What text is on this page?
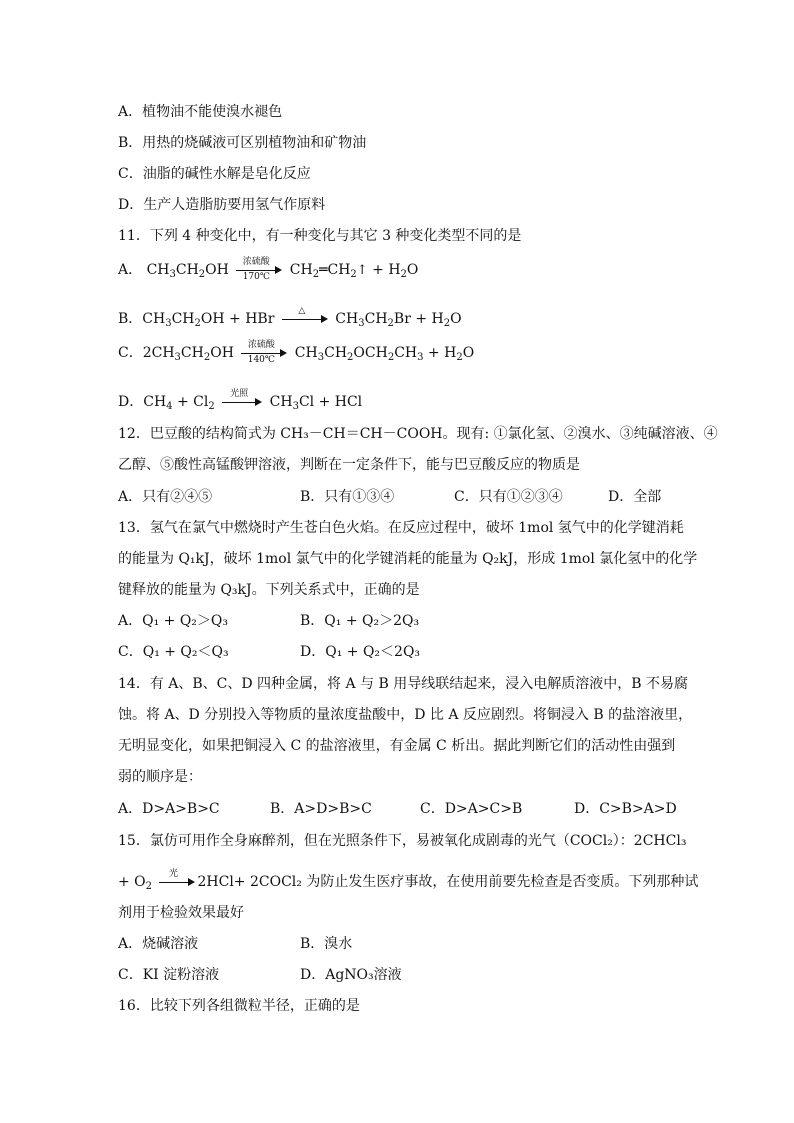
A．植物油不能使溴水褪色
B．用热的烧碱液可区别植物油和矿物油
C．油脂的碱性水解是皂化反应
D．生产人造脂肪要用氢气作原料
11．下列 4 种变化中，有一种变化与其它 3 种变化类型不同的是
A． $CH_3CH_2OH$	浓硫酸
170℃	$CH_2═CH_2↑ + H_2O$
B．$CH_3CH_2OH$ + HBr	△	$CH_3CH_2Br + H_2O$
C．$2CH_3CH_2OH$	浓硫酸
140℃	$CH_3CH_2OCH_2CH_3 + H_2O$
D．$CH_4 + Cl_2$
光照	$CH_3Cl$ + HCl
12．巴豆酸的结构简式为 CH₃－CH＝CH－COOH。现有: ①氯化氢、②溴水、③纯碱溶液、④
乙醇、⑤酸性高锰酸钾溶液，判断在一定条件下，能与巴豆酸反应的物质是
A．只有②④⑤	B．只有①③④	C．只有①②③④	D．全部
13．氢气在氯气中燃烧时产生苍白色火焰。在反应过程中，破坏 1mol 氢气中的化学键消耗
的能量为 Q₁kJ，破坏 1mol 氯气中的化学键消耗的能量为 Q₂kJ，形成 1mol 氯化氢中的化学
键释放的能量为 Q₃kJ。下列关系式中，正确的是
A．Q₁ + Q₂＞Q₃	B．Q₁ + Q₂＞2Q₃
C．Q₁ + Q₂＜Q₃	D．Q₁ + Q₂＜2Q₃
14．有 A、B、C、D 四种金属，将 A 与 B 用导线联结起来，浸入电解质溶液中，B 不易腐
蚀。将 A、D 分别投入等物质的量浓度盐酸中，D 比 A 反应剧烈。将铜浸入 B 的盐溶液里，
无明显变化，如果把铜浸入 C 的盐溶液里，有金属 C 析出。据此判断它们的活动性由强到
弱的顺序是：
A．D>A>B>C	B．A>D>B>C	C．D>A>C>B	D．C>B>A>D
15．氯仿可用作全身麻醉剂，但在光照条件下，易被氧化成剧毒的光气（COCl₂）：2CHCl₃
+ $O_2$
光	2HCl+ 2COCl₂ 为防止发生医疗事故，在使用前要先检查是否变质。下列那种试
剂用于检验效果最好
A．烧碱溶液	B．溴水
C．KI 淀粉溶液	D．AgNO₃溶液
16．比较下列各组微粒半径，正确的是
